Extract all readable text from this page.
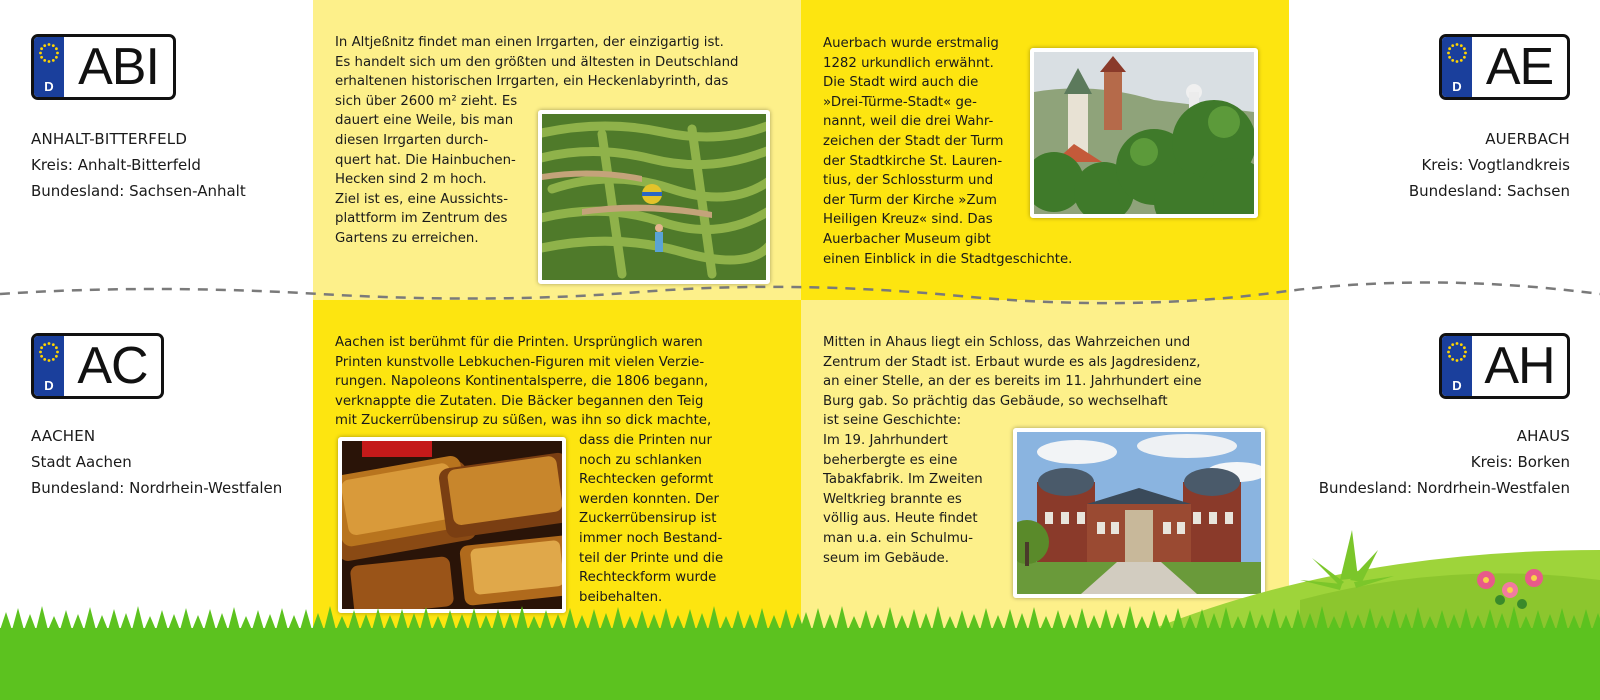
D ABI	D AE
D AC	D AH
ANHALT-BITTERFELD
Kreis: Anhalt-Bitterfeld
Bundesland: Sachsen-Anhalt
AUERBACH
Kreis: Vogtlandkreis
Bundesland: Sachsen
AACHEN
Stadt Aachen
Bundesland: Nordrhein-Westfalen
AHAUS
Kreis: Borken
Bundesland: Nordrhein-Westfalen
In Altjeßnitz findet man einen Irrgarten, der einzigartig ist.
Es handelt sich um den größten und ältesten in Deutschland
erhaltenen historischen Irrgarten, ein Heckenlabyrinth, das
sich über 2600 m² zieht. Es
dauert eine Weile, bis man
diesen Irrgarten durch-
quert hat. Die Hainbuchen-
Hecken sind 2 m hoch.
Ziel ist es, eine Aussichts-
plattform im Zentrum des
Gartens zu erreichen.
Auerbach wurde erstmalig
1282 urkundlich erwähnt.
Die Stadt wird auch die
»Drei-Türme-Stadt« ge-
nannt, weil die drei Wahr-
zeichen der Stadt der Turm
der Stadtkirche St. Lauren-
tius, der Schlossturm und
der Turm der Kirche »Zum
Heiligen Kreuz« sind. Das
Auerbacher Museum gibt
einen Einblick in die Stadtgeschichte.
Aachen ist berühmt für die Printen. Ursprünglich waren
Printen kunstvolle Lebkuchen-Figuren mit vielen Verzie-
rungen. Napoleons Kontinentalsperre, die 1806 begann,
verknappte die Zutaten. Die Bäcker begannen den Teig
mit Zuckerrübensirup zu süßen, was ihn so dick machte,
dass die Printen nur
noch zu schlanken
Rechtecken geformt
werden konnten. Der
Zuckerrübensirup ist
immer noch Bestand-
teil der Printe und die
Rechteckform wurde
beibehalten.
Mitten in Ahaus liegt ein Schloss, das Wahrzeichen und
Zentrum der Stadt ist. Erbaut wurde es als Jagdresidenz,
an einer Stelle, an der es bereits im 11. Jahrhundert eine
Burg gab. So prächtig das Gebäude, so wechselhaft
ist seine Geschichte:
Im 19. Jahrhundert
beherbergte es eine
Tabakfabrik. Im Zweiten
Weltkrieg brannte es
völlig aus. Heute findet
man u.a. ein Schulmu-
seum im Gebäude.
